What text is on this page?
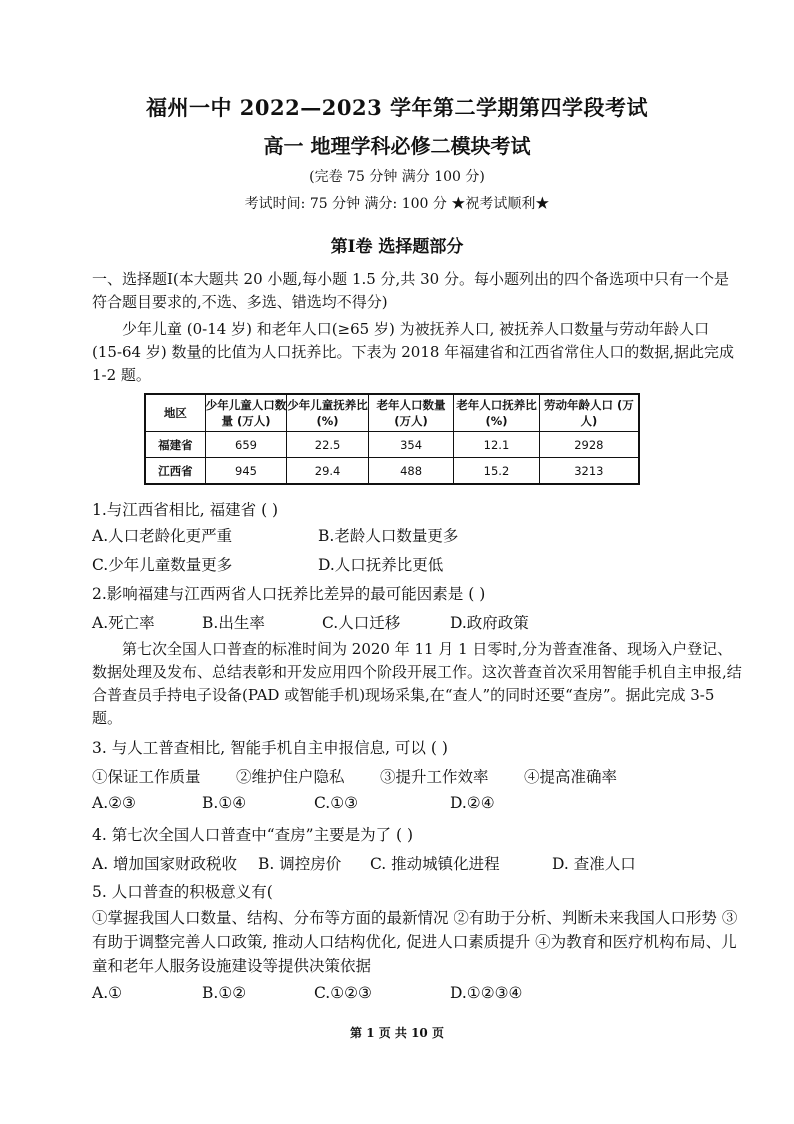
福州一中 2022—2023 学年第二学期第四学段考试
高一 地理学科必修二模块考试
(完卷 75 分钟 满分 100 分)
考试时间: 75 分钟 满分: 100 分 ★祝考试顺利★
第Ⅰ卷 选择题部分
一、选择题Ⅰ(本大题共 20 小题,每小题 1.5 分,共 30 分。每小题列出的四个备选项中只有一个是符合题目要求的,不选、多选、错选均不得分)
少年儿童 (0-14 岁) 和老年人口(≥65 岁) 为被抚养人口, 被抚养人口数量与劳动年龄人口 (15-64 岁) 数量的比值为人口抚养比。下表为 2018 年福建省和江西省常住人口的数据,据此完成 1-2 题。
地区	少年儿童人口数量 (万人)	少年儿童抚养比(%)	老年人口数量 (万人)	老年人口抚养比(%)	劳动年龄人口 (万人)
福建省	659	22.5	354	12.1	2928
江西省	945	29.4	488	15.2	3213
1.与江西省相比, 福建省 ( )
A.人口老龄化更严重	B.老龄人口数量更多
C.少年儿童数量更多	D.人口抚养比更低
2.影响福建与江西两省人口抚养比差异的最可能因素是 ( )
A.死亡率	B.出生率	C.人口迁移	D.政府政策
第七次全国人口普查的标准时间为 2020 年 11 月 1 日零时,分为普查准备、现场入户登记、数据处理及发布、总结表彰和开发应用四个阶段开展工作。这次普查首次采用智能手机自主申报,结合普查员手持电子设备(PAD 或智能手机)现场采集,在“查人”的同时还要“查房”。据此完成 3-5 题。
3. 与人工普查相比, 智能手机自主申报信息, 可以 ( )
①保证工作质量 ②维护住户隐私 ③提升工作效率 ④提高准确率
A.②③	B.①④	C.①③	D.②④
4. 第七次全国人口普查中“查房”主要是为了 ( )
A. 增加国家财政税收 B. 调控房价 C. 推动城镇化进程	D. 查准人口
5. 人口普查的积极意义有(
①掌握我国人口数量、结构、分布等方面的最新情况 ②有助于分析、判断未来我国人口形势 ③有助于调整完善人口政策, 推动人口结构优化, 促进人口素质提升 ④为教育和医疗机构布局、儿童和老年人服务设施建设等提供决策依据
A.①	B.①②	C.①②③	D.①②③④
第 1 页 共 10 页
